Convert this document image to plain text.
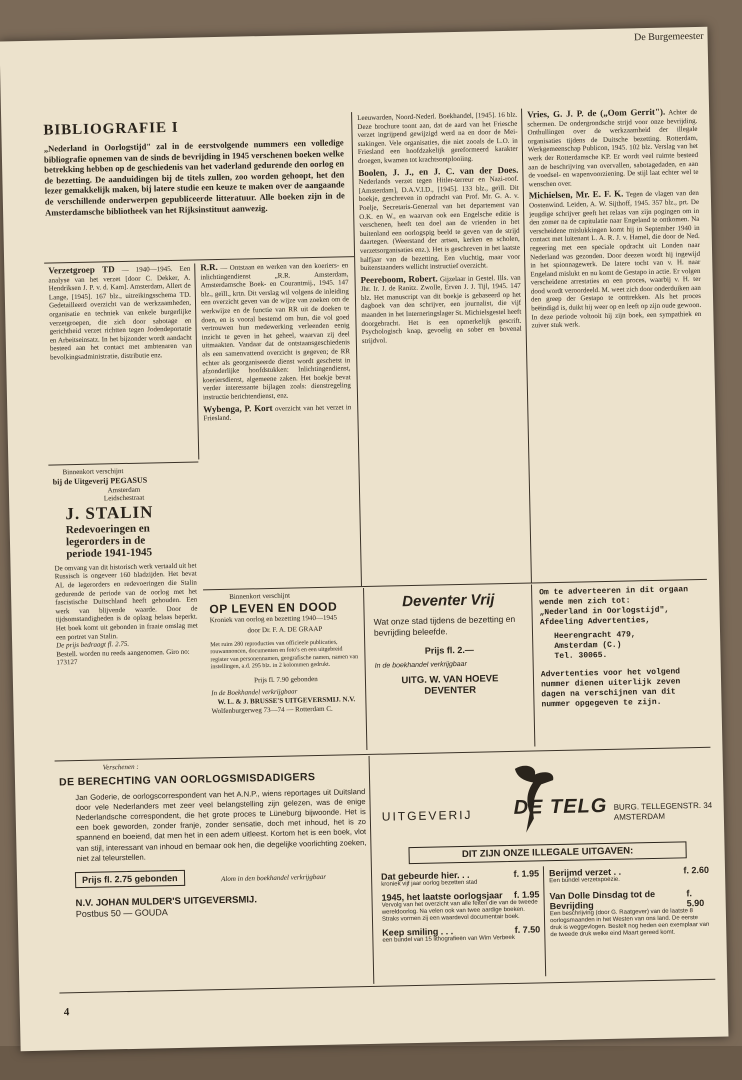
De Burgemeester
BIBLIOGRAFIE I
„Nederland in Oorlogstijd" zal in de eerstvolgende nummers een volledige bibliografie opnemen van de sinds de bevrijding in 1945 verschenen boeken welke betrekking hebben op de geschiedenis van het vaderland gedurende den oorlog en de bezetting. De aanduidingen bij de titels zullen, zoo worden gehoopt, het den lezer gemakkelijk maken, bij latere studie een keuze te maken over de aangaande de verschillende onderwerpen gepubliceerde litteratuur. Alle boeken zijn in de Amsterdamsche bibliotheek van het Rijksinstituut aanwezig.
Verzetgroep TD — 1940—1945. Een analyse van het verzet [door C. Dekker, A. Hendriksen J. P. v. d. Kam]. Amsterdam, Allert de Lange, [1945]. 167 blz., uitreikingsschema TD. Gedetailleerd overzicht van de werkzaamheden, organisatie en techniek van enkele burgerlijke verzetgroepen, die zich door sabotage en gerichtheid verzet richtten tegen Jodendeportatie en Arbeitseinsatz. In het bijzonder wordt aandacht besteed aan het contact met ambtenaren van bevolkingsadministratie, distributie enz.
R.R. — Ontstaan en werken van den koeriers- en inlichtingendienst „R.R. Amsterdam, Amsterdamsche Boek- en Courantmij., 1945. 147 blz., geïll., krtn. Dit verslag wil volgens de inleiding een overzicht geven van de wijze van zoeken om de werkwijze en de functie van RR uit de doeken te doen, en is vooral bestemd om hun, die vol goed vertrouwen hun medewerking verleenden eenig inzicht te geven in het geheel, waarvan zij deel uitmaakten. Vandaar dat de ontstaansgeschiedenis als een samenvattend overzicht is gegeven; de RR echter als georganiseerde dienst wordt geschetst in afzonderlijke hoofdstukken: Inlichtingendienst, koeriersdienst, algemeene zaken. Het boekje bevat verder interessante bijlagen zoals: dienstregeling instructie berichtendienst, enz.
Wybenga, P. Kort overzicht van het verzet in Friesland.
Leeuwarden, Noord-Nederl. Boekhandel, [1945]. 16 blz. Deze brochure toont aan, dat de aard van het Friesche verzet ingrijpend gewijzigd werd na en door de Mei-stakingen. Vele organisaties, die niet zooals de L.O. in Friesland een hoofdzakelijk gereformeerd karakter droegen, kwamen tot krachtsontplooiing.
Boolen, J. J., en J. C. van der Does. Nederlands verzet tegen Hitler-terreur en Nazi-roof. [Amsterdam], D.A.V.I.D., [1945]. 133 blz., geïll. Dit boekje, geschreven in opdracht van Prof. Mr. G. A. v. Poelje, Secretaris-Generaal van het departement van O.K. en W., en waarvan ook een Engelsche editie is verschenen, heeft ten doel aan de vrienden in het buitenland een oorlogspig beeld te geven van de strijd daartegen. (Weerstand der artsen, kerken en scholen, verzetsorganisaties enz.). Het is geschreven in het laatste halfjaar van de bezetting. Een vluchtig, maar voor buitenstaanders wellicht instructief overzicht.
Peereboom, Robert. Gijzelaar in Gestel. Ills. van Jhr. Ir. J. de Ranitz. Zwolle, Erven J. J. Tijl, 1945. 147 blz. Het manuscript van dit boekje is gebaseerd op het dagboek van den schrijver, een journalist, die vijf maanden in het Interneringslager St. Michielsgestel heeft doorgebracht. Het is een opmerkelijk gescrift. Psychologisch knap, gevoelig en sober en bovenal strijdvol.
Vries, G. J. P. de („Oom Gerrit"). Achter de schermen. De ondergrondsche strijd voor onze bevrijding. Onthullingen over de werkzaamheid der illegale organisaties tijdens de Duitsche bezetting. Rotterdam, Werkgemeenschap Publicon, 1945. 102 blz. Verslag van het werk der Rotterdamsche KP. Er wordt veel ruimte besteed aan de beschrijving van overvallen, sabotagedaden, en aan de voedsel- en wapenvoorziening. De stijl laat echter wel te wenschen over.
Michielsen, Mr. E. F. K. Tegen de vlagen van den Oostenwind. Leiden, A. W. Sijthoff, 1945. 357 blz., prt. De jeugdige schrijver geeft het relaas van zijn pogingen om in den zomer na de capitulatie naar Engeland te ontkomen. Na verscheidene mislukkingen komt hij in September 1940 in contact met luitenant L. A. R. J. v. Hamel, die door de Ned. regeering met een speciale opdracht uit Londen naar Nederland was gezonden. Door deezen wordt hij ingewijd in het spionnagewerk. De latere tocht van v. H. naar Engeland mislukt en nu komt de Gestapo in actie. Er volgen verscheidene arrestaties en een proces, waarbij v. H. ter dood wordt veroordeeld. M. weet zich door onderduiken aan den greep der Gestapo te onttrekken. Als het proces beëindigd is, duikt hij weer op en leeft op zijn oude gewoon. In deze periode voltooit hij zijn boek, een sympathiek en zuiver stuk werk.
Binnenkort verschijnt
bij de Uitgeverij PEGASUS
Amsterdam
Leidschestraat
J. STALIN
Redevoeringen en legerorders in de periode 1941-1945
De omvang van dit historisch werk vertaald uit het Russisch is ongeveer 160 bladzijden. Het bevat AL de legerorders en redevoeringen die Stalin gedurende de periode van de oorlog met het fascistische Duitschland heeft gehouden. Een werk van blijvende waarde. Door de tijdsomstandigheden is de oplaag helaas beperkt. Het boek komt uit gebonden in fraaie omslag met een portret van Stalin.
De prijs bedraagt fl. 2.75.
Bestell. worden nu reeds aangenomen. Giro no: 173127
Binnenkort verschijnt
OP LEVEN EN DOOD
Kroniek van oorlog en bezetting 1940—1945
door Dr. F. A. DE GRAAP
Met ruim 280 reproducties van officieele publicaties, rouwannoncen, documenten en foto's en een uitgebreid register van personennamen, geografische namen, namen van instellingen, a.d. 295 blz. in 2 kolommen gedrukt.
Prijs fl. 7.90 gebonden
In de Boekhandel verkrijgbaar
W. L. & J. BRUSSE'S UITGEVERSMIJ. N.V.
Wolfenburgerweg 73—74 — Rotterdam C.
Deventer Vrij
Wat onze stad tijdens de bezetting en bevrijding beleefde.
Prijs fl. 2.—
In de boekhandel verkrijgbaar
UITG. W. VAN HOEVE
DEVENTER
Om te adverteeren in dit orgaan wende men zich tot:
„Nederland in Oorlogstijd",
Afdeeling Advertenties,
Heerengracht 479,
Amsterdam (C.)
Tel. 30065.
Advertenties voor het volgend nummer dienen uiterlijk zeven dagen na verschijnen van dit nummer opgegeven te zijn.
Verschenen :
DE BERECHTING VAN OORLOGSMISDADIGERS
Jan Goderie, de oorlogscorrespondent van het A.N.P., wiens reportages uit Duitsland door vele Nederlanders met zeer veel belangstelling zijn gelezen, was de enige Nederlandsche correspondent, die het grote proces te Lüneburg bijwoonde. Het is een boek geworden, zonder franje, zonder sensatie, doch met inhoud, het is zo spannend en boeiend, dat men het in een adem uitleest. Kortom het is een boek, vlot van stijl, interessant van inhoud en bemaar ook hen, die degelijke voorlichting zoeken, niet zal teleurstellen.
Prijs fl. 2.75 gebonden	Alom in den boekhandel verkrijgbaar
N.V. JOHAN MULDER'S UITGEVERSMIJ.
Postbus 50 — GOUDA
UITGEVERIJ DE TELG BURG. TELLEGENSTR. 34
AMSTERDAM
DIT ZIJN ONZE ILLEGALE UITGAVEN:
Dat gebeurde hier. . .	f. 1.95
kroniek vijf jaar oorlog bezetten stad
1945, het laatste oorlogsjaar f. 1.95
Vervolg van het overzicht van alle feiten die van de tweede wereldoorlog. Na velen ook van twee aardige boeken. Straks vormen zij een waardevol documentair boek.
Keep smiling . . .	f. 7.50
een bundel van 15 lithografieën van Wim Verbeek
Berijmd verzet . .	f. 2.60
Een bundel verzetspoëzie.
Van Dolle Dinsdag tot de Bevrijding
f. 5.90
Een beschrijving (door G. Raatgever) van de laatste 8 oorlogsmaanden in het Westen van ons land. De eerste druk is weggevlogen. Bestelt nog heden een exemplaar van de tweede druk welke eind Maart gereed komt.
4
